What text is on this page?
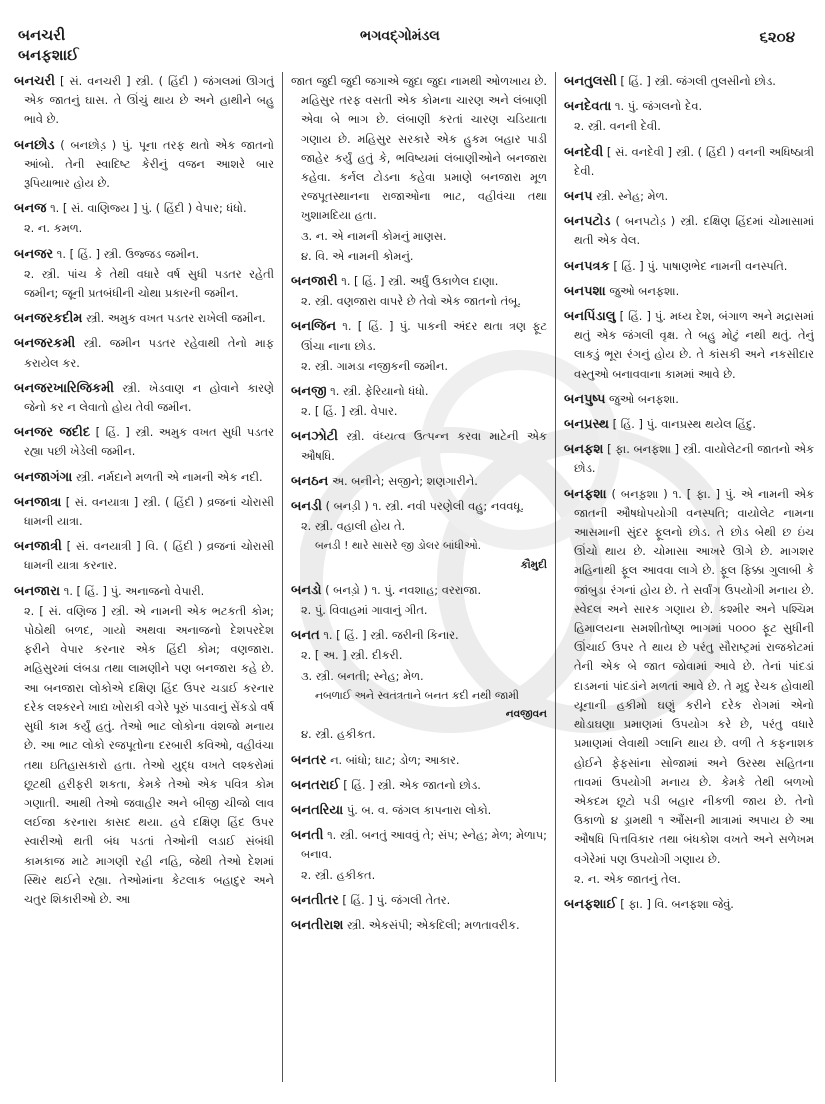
બનચરી
બનફશાઈ
ભગવદ્ગોમંડલ	૬૨૦૪
બનચરી [ સં. વનચરી ] સ્ત્રી. ( હિંદી ) જંગલમાં ઊગતું એક જાતનું ઘાસ. તે ઊંચું થાય છે અને હાથીને બહુ ભાવે છે.
બનછોડ ( બનછોડ઼ ) પું. પૂના તરફ થતો એક જાતનો આંબો. તેની સ્વાદિષ્ટ કેરીનું વજન આશરે બાર રૂપિયાભાર હોય છે.
બનજ ૧. [ સં. વાણિજ્ય ] પું. ( હિંદી ) વેપાર; ધંધો.
૨. ન. કમળ.
બનજર ૧. [ હિં. ] સ્ત્રી. ઉજ્જડ જમીન.
૨. સ્ત્રી. પાંચ કે તેથી વધારે વર્ષ સુધી પડતર રહેતી જમીન; જૂની પ્રતબંધીની ચોથા પ્રકારની જમીન.
બનજરકદીમ સ્ત્રી. અમુક વખત પડતર રાખેલી જમીન.
બનજરકમી સ્ત્રી. જમીન પડતર રહેવાથી તેનો માફ કરાયેલ કર.
બનજરખારિજિકમી સ્ત્રી. ખેડવાણ ન હોવાને કારણે જેનો કર ન લેવાતો હોય તેવી જમીન.
બનજર જદીદ [ હિં. ] સ્ત્રી. અમુક વખત સુધી પડતર રહ્યા પછી ખેડેલી જમીન.
બનજાગંગા સ્ત્રી. નર્મદાને મળતી એ નામની એક નદી.
બનજાત્રા [ સં. વનયાત્રા ] સ્ત્રી. ( હિંદી ) વ્રજનાં ચોરાસી ધામની યાત્રા.
બનજાત્રી [ સં. વનયાત્રી ] વિ. ( હિંદી ) વ્રજનાં ચોરાસી ધામની યાત્રા કરનાર.
બનજારા ૧. [ હિં. ] પું. અનાજનો વેપારી.
૨. [ સં. વણિજ ] સ્ત્રી. એ નામની એક ભટકતી કોમ; પોઠોથી બળદ, ગાયો અથવા અનાજનો દેશપરદેશ ફરીને વેપાર કરનાર એક હિંદી કોમ; વણજારા. મહિસુરમાં લંબડા તથા લામણીને પણ બનજારા કહે છે. આ બનજારા લોકોએ દક્ષિણ હિંદ ઉપર ચડાઈ કરનાર દરેક લશ્કરને ખાદ્ય ખોરાકી વગેરે પૂરું પાડવાનું સેંકડો વર્ષ સુધી કામ કર્યું હતું. તેઓ ભાટ લોકોના વંશજો મનાય છે. આ ભાટ લોકો રજપૂતોના દરબારી કવિઓ, વહીવંચા તથા ઇતિહાસકારો હતા. તેઓ યુદ્ધ વખતે લશ્કરોમાં છૂટથી હરીફરી શકતા, કેમકે તેઓ એક પવિત્ર કોમ ગણાતી. આથી તેઓ જવાહીર અને બીજી ચીજો લાવ લઈજા કરનારા કાસદ થયા. હવે દક્ષિણ હિંદ ઉપર સ્વારીઓ થતી બંધ પડતાં તેઓની લડાઈ સંબંધી કામકાજ માટે માગણી રહી નહિ, જેથી તેઓ દેશમાં સ્થિર થઈને રહ્યા. તેઓમાંના કેટલાક બહાદુર અને ચતુર શિકારીઓ છે. આ
જાત જુદી જુદી જગાએ જુદા જુદા નામથી ઓળખાય છે. મહિસુર તરફ વસતી એક કોમના ચારણ અને લંબાણી એવા બે ભાગ છે. લંબાણી કરતાં ચારણ ચડિયાતા ગણાય છે. મહિસુર સરકારે એક હુકમ બહાર પાડી જાહેર કર્યું હતું કે, ભવિષ્યમાં લંબાણીઓને બનજારા કહેવા. કર્નલ ટોડના કહેવા પ્રમાણે બનજારા મૂળ રજપૂતસ્થાનના રાજાઓના ભાટ, વહીવંચા તથા ખુશામદિયા હતા.
૩. ન. એ નામની કોમનું માણસ.
૪. વિ. એ નામની કોમનું.
બનજારી ૧. [ હિં. ] સ્ત્રી. અર્ધું ઉકાળેલ દાણા.
૨. સ્ત્રી. વણજારા વાપરે છે તેવો એક જાતનો તંબૂ.
બનજિન ૧. [ હિં. ] પું. પાકની અંદર થતા ત્રણ ફૂટ ઊંચા નાના છોડ.
૨. સ્ત્રી. ગામડા નજીકની જમીન.
બનજી ૧. સ્ત્રી. ફેરિયાનો ધંધો.
૨. [ હિં. ] સ્ત્રી. વેપાર.
બનઝોટી સ્ત્રી. વંધ્યત્વ ઉત્પન્ન કરવા માટેની એક ઔષધિ.
બનઠન અ. બનીને; સજીને; શણગારીને.
બનડી ( બનડ઼ી ) ૧. સ્ત્રી. નવી પરણેલી વહુ; નવવધૂ.
૨. સ્ત્રી. વહાલી હોય તે.
બનડી ! થારે સાસરે જી ડોલર બાંધીઓ.
કૌમુદી
બનડો ( બનડ઼ો ) ૧. પું. નવશાહ; વરરાજા.
૨. પું. વિવાહમાં ગાવાનું ગીત.
બનત ૧. [ હિં. ] સ્ત્રી. જરીની કિનાર.
૨. [ અ. ] સ્ત્રી. દીકરી.
૩. સ્ત્રી. બનતી; સ્નેહ; મેળ.
નબળાઈ અને સ્વતંત્રતાને બનત કદી નથી જામી
નવજીવન
૪. સ્ત્રી. હકીકત.
બનતર ન. બાંધો; ઘાટ; ડોળ; આકાર.
બનતરાઈ [ હિં. ] સ્ત્રી. એક જાતનો છોડ.
બનતરિયા પું. બ. વ. જંગલ કાપનારા લોકો.
બનતી ૧. સ્ત્રી. બનતું આવવું તે; સંપ; સ્નેહ; મેળ; મેળાપ; બનાવ.
૨. સ્ત્રી. હકીકત.
બનતીતર [ હિં. ] પું. જંગલી તેતર.
બનતીરાશ સ્ત્રી. એકસંપી; એકદિલી; મળતાવરીક.
બનતુલસી [ હિં. ] સ્ત્રી. જંગલી તુલસીનો છોડ.
બનદેવતા ૧. પું. જંગલનો દેવ.
૨. સ્ત્રી. વનની દેવી.
બનદેવી [ સં. વનદેવી ] સ્ત્રી. ( હિંદી ) વનની અધિષ્ઠાત્રી દેવી.
બનપ સ્ત્રી. સ્નેહ; મેળ.
બનપટોડ ( બનપટોડ઼ ) સ્ત્રી. દક્ષિણ હિંદમાં ચોમાસામાં થતી એક વેલ.
બનપત્રક [ હિં. ] પું. પાષાણભેદ નામની વનસ્પતિ.
બનપશા જુઓ બનફશા.
બનપિંડાલુ [ હિં. ] પું. મધ્ય દેશ, બંગાળ અને મદ્રાસમાં થતું એક જંગલી વૃક્ષ. તે બહુ મોટું નથી થતું. તેનું લાકડું ભૂરા રંગનું હોય છે. તે કાંસકી અને નકસીદાર વસ્તુઓ બનાવવાના કામમાં આવે છે.
બનપુષ્પ જુઓ બનફશા.
બનપ્રસ્થ [ હિં. ] પું. વાનપ્રસ્થ થયેલ હિંદુ.
બનફશ [ ફા. બનફશા ] સ્ત્રી. વાયોલેટની જાતનો એક છોડ.
બનફશા ( બનફ઼શા ) ૧. [ ફા. ] પું. એ નામની એક જાતની ઔષધોપયોગી વનસ્પતિ; વાયોલેટ નામના આસમાની સુંદર ફૂલનો છોડ. તે છોડ બેથી છ ઇંચ ઊંચો થાય છે. ચોમાસા આખરે ઊગે છે. માગશર મહિનાથી ફૂલ આવવા લાગે છે. ફૂલ ફિક્કા ગુલાબી કે જાંબુડા રંગનાં હોય છે. તે સર્વાંગ ઉપયોગી મનાય છે. સ્વેદલ અને સારક ગણાય છે. કશ્મીર અને પશ્ચિમ હિમાલયના સમશીતોષ્ણ ભાગમાં ૫૦૦૦ ફૂટ સુધીની ઊંચાઈ ઉપર તે થાય છે પરંતુ સૌરાષ્ટ્રમાં રાજકોટમાં તેની એક બે જાત જોવામાં આવે છે. તેનાં પાંદડાં દાડમનાં પાંદડાંને મળતાં આવે છે. તે મૃદુ રેચક હોવાથી યૂનાની હકીમો ઘણું કરીને દરેક રોગમાં એનો થોડાઘણા પ્રમાણમાં ઉપયોગ કરે છે, પરંતુ વધારે પ્રમાણમાં લેવાથી ગ્લાનિ થાય છે. વળી તે કફનાશક હોઈને ફેફસાંના સોજામાં અને ઉરસ્થ સહિતના તાવમાં ઉપયોગી મનાય છે. કેમકે તેથી બળખો એકદમ છૂટો પડી બહાર નીકળી જાય છે. તેનો ઉકાળો ૪ ડ્રામથી ૧ ઔંસની માત્રામાં અપાય છે આ ઔષધિ પિત્તવિકાર તથા બંધકોશ વખતે અને સળેખમ વગેરેમાં પણ ઉપયોગી ગણાય છે.
૨. ન. એક જાતનું તેલ.
બનફશાઈ [ ફા. ] વિ. બનફશા જેવું.
